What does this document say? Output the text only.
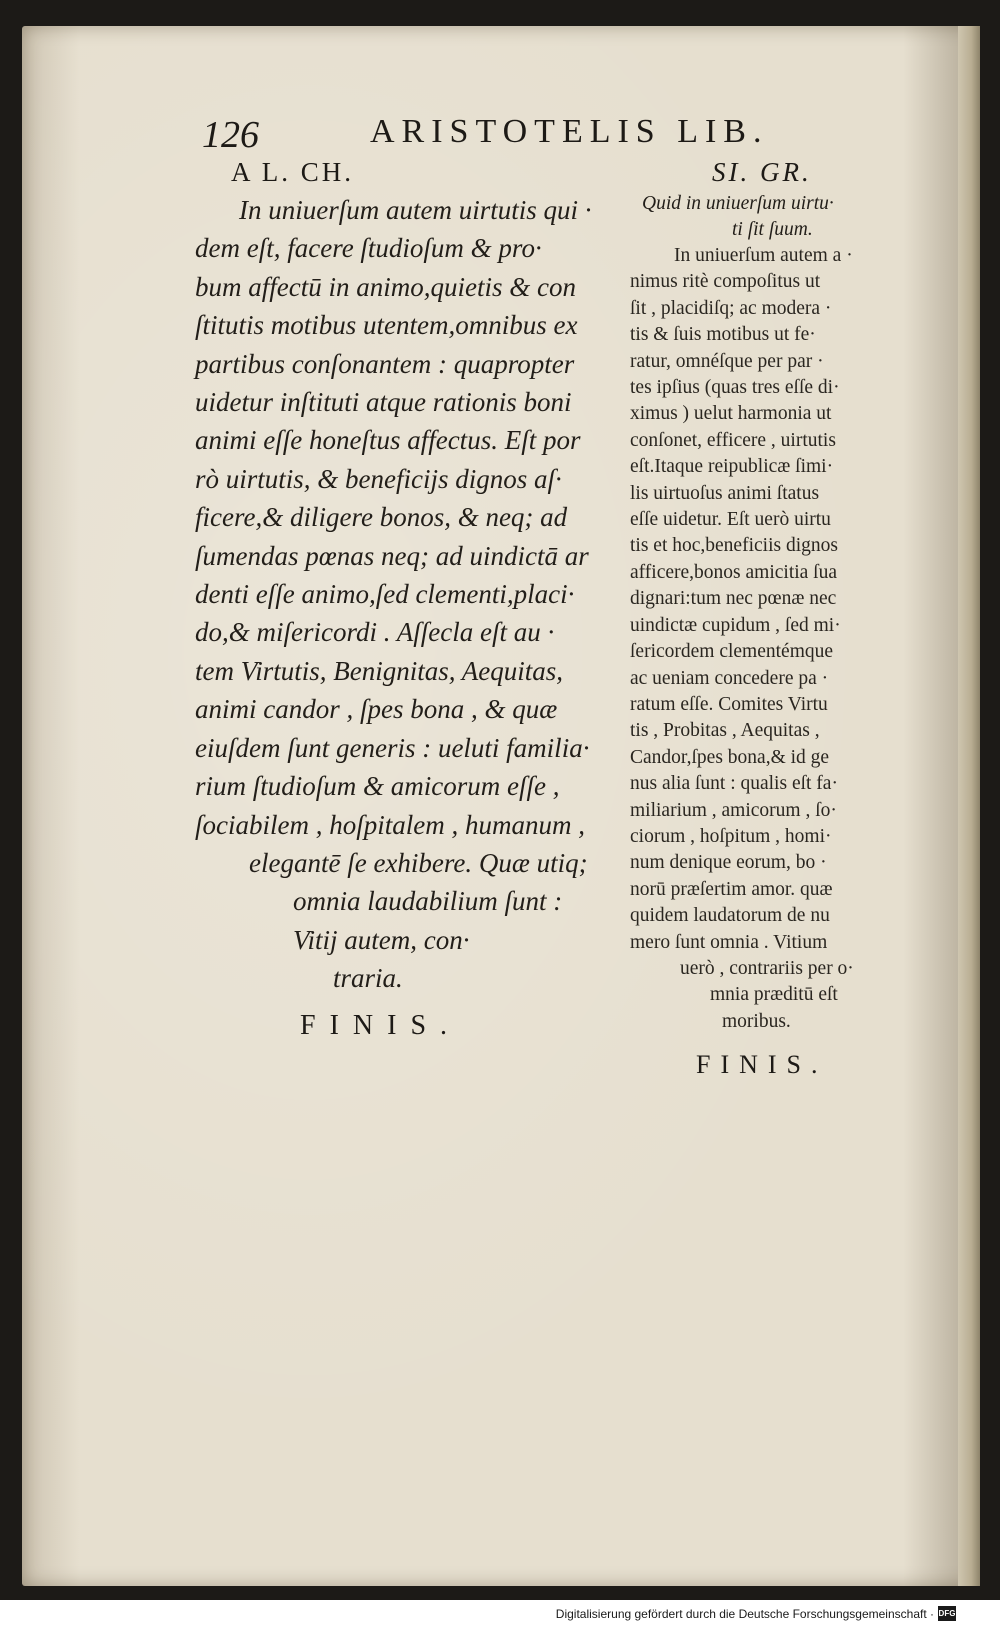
126	ARISTOTELIS LIB.
A L. CH.
In uniuerſum autem uirtutis qui ·
dem eſt, facere ſtudioſum & pro·
bum affectū in animo,quietis & con
ſtitutis motibus utentem,omnibus ex
partibus conſonantem : quapropter
uidetur inſtituti atque rationis boni
animi eſſe honeſtus affectus. Eſt por
rò uirtutis, & beneficijs dignos aſ·
ficere,& diligere bonos, & neq; ad
ſumendas pœnas neq; ad uindictā ar
denti eſſe animo,ſed clementi,placi·
do,& miſericordi . Aſſecla eſt au ·
tem Virtutis, Benignitas, Aequitas,
animi candor , ſpes bona , & quæ
eiuſdem ſunt generis : ueluti familia·
rium ſtudioſum & amicorum eſſe ,
ſociabilem , hoſpitalem , humanum ,
elegantē ſe exhibere. Quæ utiq;
omnia laudabilium ſunt :
Vitij autem, con·
traria.
SI. GR.
Quid in uniuerſum uirtu·
ti ſit ſuum.
In uniuerſum autem a ·
nimus ritè compoſitus ut
ſit , placidiſq; ac modera ·
tis & ſuis motibus ut fe·
ratur, omnéſque per par ·
tes ipſius (quas tres eſſe di·
ximus ) uelut harmonia ut
conſonet, efficere , uirtutis
eſt.Itaque reipublicæ ſimi·
lis uirtuoſus animi ſtatus
eſſe uidetur. Eſt uerò uirtu
tis et hoc,beneficiis dignos
afficere,bonos amicitia ſua
dignari:tum nec pœnæ nec
uindictæ cupidum , ſed mi·
ſericordem clementémque
ac ueniam concedere pa ·
ratum eſſe. Comites Virtu
tis , Probitas , Aequitas ,
Candor,ſpes bona,& id ge
nus alia ſunt : qualis eſt fa·
miliarium , amicorum , ſo·
ciorum , hoſpitum , homi·
num denique eorum, bo ·
norū præſertim amor. quæ
quidem laudatorum de nu
mero ſunt omnia . Vitium
uerò , contrariis per o·
mnia præditū eſt
moribus.
FINIS.
FINIS.
Digitalisierung gefördert durch die Deutsche Forschungsgemeinschaft · DFG
